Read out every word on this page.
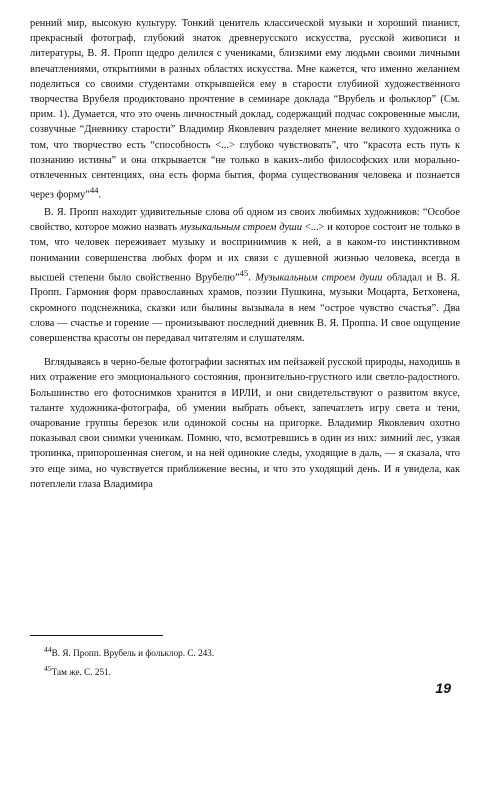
ренний мир, высокую культуру. Тонкий ценитель классической музыки и хороший пианист, прекрасный фотограф, глубокий знаток древнерусского искусства, русской живописи и литературы, В. Я. Пропп щедро делился с учениками, близкими ему людьми своими личными впечатлениями, открытиями в разных областях искусства. Мне кажется, что именно желанием поделиться со своими студентами открывшейся ему в старости глубиной художественного творчества Врубеля продиктовано прочтение в семинаре доклада “Врубель и фольклор” (См. прим. 1). Думается, что это очень личностный доклад, содержащий подчас сокровенные мысли, созвучные “Дневнику старости” Владимир Яковлевич разделяет мнение великого художника о том, что творчество есть “способность <...> глубоко чувствовать”, что “красота есть путь к познанию истины” и она открывается “не только в каких-либо философских или морально-отвлеченных сентенциях, она есть форма бытия, форма существования человека и познается через форму”$^{44}$.

В. Я. Пропп находит удивительные слова об одном из своих любимых художников: “Особое свойство, которое можно назвать музыкальным строем души <...> и которое состоит не только в том, что человек переживает музыку и воспринимчив к ней, а в каком-то инстинктивном понимании совершенства любых форм и их связи с душевной жизнью человека, всегда в высшей степени было свойственно Врубелю”$^{45}$. Музыкальным строем души обладал и В. Я. Пропп. Гармония форм православных храмов, поэзии Пушкина, музыки Моцарта, Бетховена, скромного подснежника, сказки или былины вызывала в нем “острое чувство счастья”. Два слова — счастье и горение — пронизывают последний дневник В. Я. Проппа. И свое ощущение совершенства красоты он передавал читателям и слушателям.

Вглядываясь в черно-белые фотографии заснятых им пейзажей русской природы, находишь в них отражение его эмоционального состояния, пронзительно-грустного или светло-радостного. Большинство его фотоснимков хранится в ИРЛИ, и они свидетельствуют о развитом вкусе, таланте художника-фотографа, об умении выбрать объект, запечатлеть игру света и тени, очарование группы березок или одинокой сосны на пригорке. Владимир Яковлевич охотно показывал свои снимки ученикам. Помню, что, всмотревшись в один из них: зимний лес, узкая тропинка, припорошенная снегом, и на ней одинокие следы, уходящие в даль, — я сказала, что это еще зима, но чувствуется приближение весны, и что это уходящий день. И я увидела, как потеплели глаза Владимира

$^{44}$В. Я. Пропп. Врубель и фольклор. С. 243.
$^{45}$Там же. С. 251.
19
